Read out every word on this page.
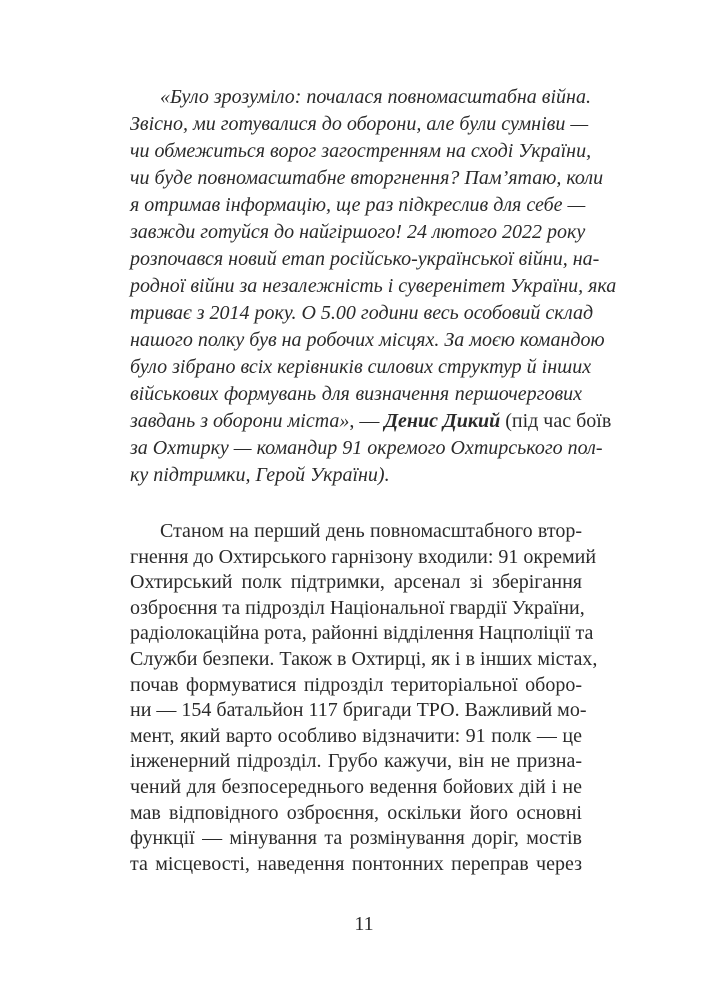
«Було зрозуміло: почалася повномасштабна війна.
Звісно, ми готувалися до оборони, але були сумніви —
чи обмежиться ворог загостренням на сході України,
чи буде повномасштабне вторгнення? Пам’ятаю, коли
я отримав інформацію, ще раз підкреслив для себе —
завжди готуйся до найгіршого! 24 лютого 2022 року
розпочався новий етап російсько-української війни, на-
родної війни за незалежність і суверенітет України, яка
триває з 2014 року. О 5.00 години весь особовий склад
нашого полку був на робочих місцях. За моєю командою
було зібрано всіх керівників силових структур й інших
військових формувань для визначення першочергових
завдань з оборони міста», — Денис Дикий (під час боїв
за Охтирку — командир 91 окремого Охтирського пол-
ку підтримки, Герой України).
Станом на перший день повномасштабного втор-
гнення до Охтирського гарнізону входили: 91 окремий
Охтирський полк підтримки, арсенал зі зберігання
озброєння та підрозділ Національної гвардії України,
радіолокаційна рота, районні відділення Нацполіції та
Служби безпеки. Також в Охтирці, як і в інших містах,
почав формуватися підрозділ територіальної оборо-
ни — 154 батальйон 117 бригади ТРО. Важливий мо-
мент, який варто особливо відзначити: 91 полк — це
інженерний підрозділ. Грубо кажучи, він не призна-
чений для безпосереднього ведення бойових дій і не
мав відповідного озброєння, оскільки його основні
функції — мінування та розмінування доріг, мостів
та місцевості, наведення понтонних переправ через
11
